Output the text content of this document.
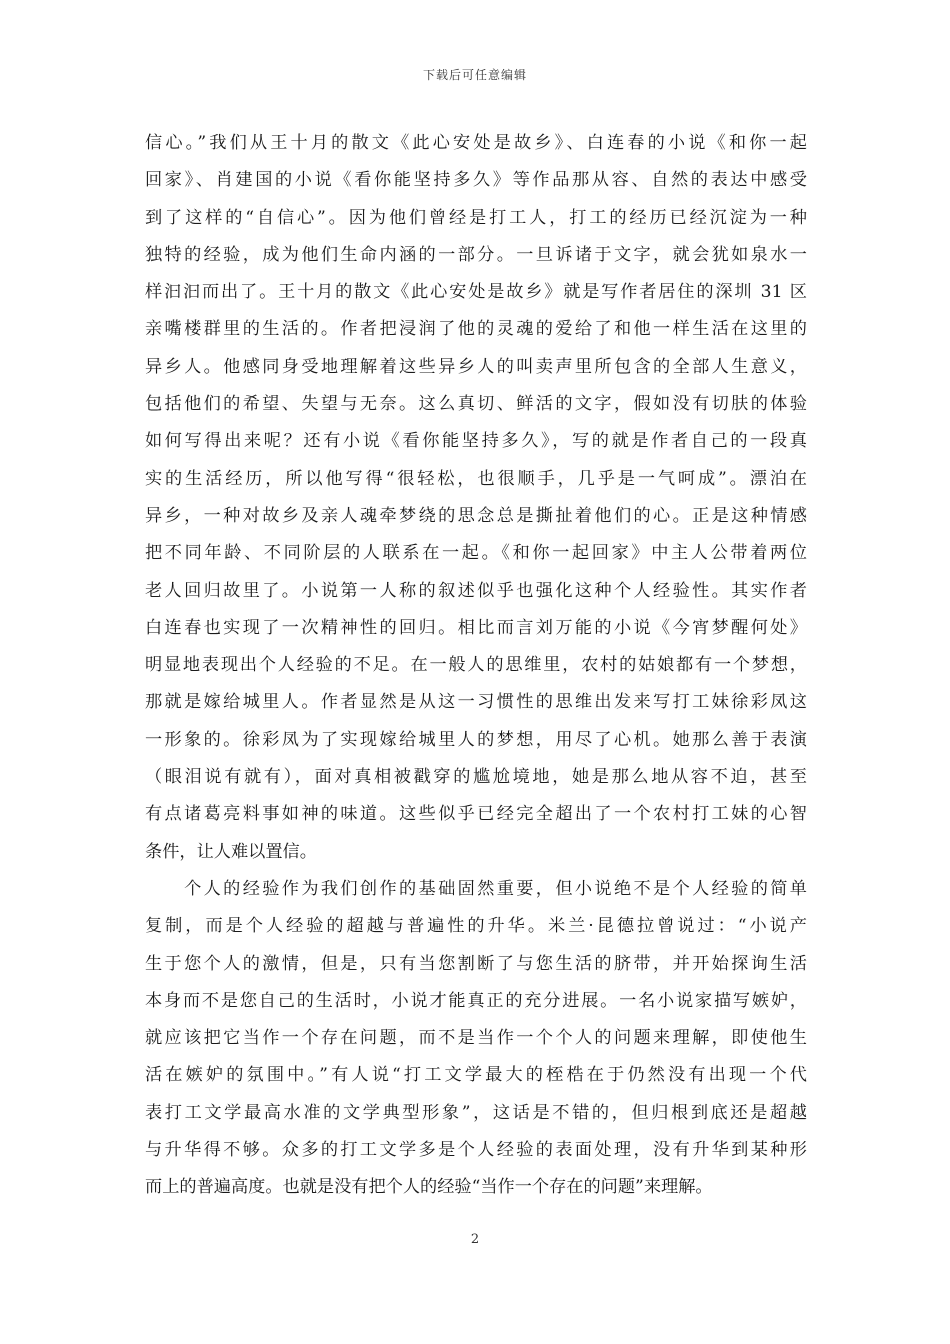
下载后可任意编辑
信心。”我们从王十月的散文《此心安处是故乡》、白连春的小说《和你一起
回家》、肖建国的小说《看你能坚持多久》等作品那从容、自然的表达中感受
到了这样的“自信心”。因为他们曾经是打工人，打工的经历已经沉淀为一种
独特的经验，成为他们生命内涵的一部分。一旦诉诸于文字，就会犹如泉水一
样汩汩而出了。王十月的散文《此心安处是故乡》就是写作者居住的深圳 31 区
亲嘴楼群里的生活的。作者把浸润了他的灵魂的爱给了和他一样生活在这里的
异乡人。他感同身受地理解着这些异乡人的叫卖声里所包含的全部人生意义，
包括他们的希望、失望与无奈。这么真切、鲜活的文字，假如没有切肤的体验
如何写得出来呢？还有小说《看你能坚持多久》，写的就是作者自己的一段真
实的生活经历，所以他写得“很轻松，也很顺手，几乎是一气呵成”。漂泊在
异乡，一种对故乡及亲人魂牵梦绕的思念总是撕扯着他们的心。正是这种情感
把不同年龄、不同阶层的人联系在一起。《和你一起回家》中主人公带着两位
老人回归故里了。小说第一人称的叙述似乎也强化这种个人经验性。其实作者
白连春也实现了一次精神性的回归。相比而言刘万能的小说《今宵梦醒何处》
明显地表现出个人经验的不足。在一般人的思维里，农村的姑娘都有一个梦想，
那就是嫁给城里人。作者显然是从这一习惯性的思维出发来写打工妹徐彩凤这
一形象的。徐彩凤为了实现嫁给城里人的梦想，用尽了心机。她那么善于表演
（眼泪说有就有），面对真相被戳穿的尴尬境地，她是那么地从容不迫，甚至
有点诸葛亮料事如神的味道。这些似乎已经完全超出了一个农村打工妹的心智
条件，让人难以置信。
　　个人的经验作为我们创作的基础固然重要，但小说绝不是个人经验的简单
复制，而是个人经验的超越与普遍性的升华。米兰·昆德拉曾说过：“小说产
生于您个人的激情，但是，只有当您割断了与您生活的脐带，并开始探询生活
本身而不是您自己的生活时，小说才能真正的充分进展。一名小说家描写嫉妒，
就应该把它当作一个存在问题，而不是当作一个个人的问题来理解，即使他生
活在嫉妒的氛围中。”有人说“打工文学最大的桎梏在于仍然没有出现一个代
表打工文学最高水准的文学典型形象”，这话是不错的，但归根到底还是超越
与升华得不够。众多的打工文学多是个人经验的表面处理，没有升华到某种形
而上的普遍高度。也就是没有把个人的经验“当作一个存在的问题”来理解。
2
